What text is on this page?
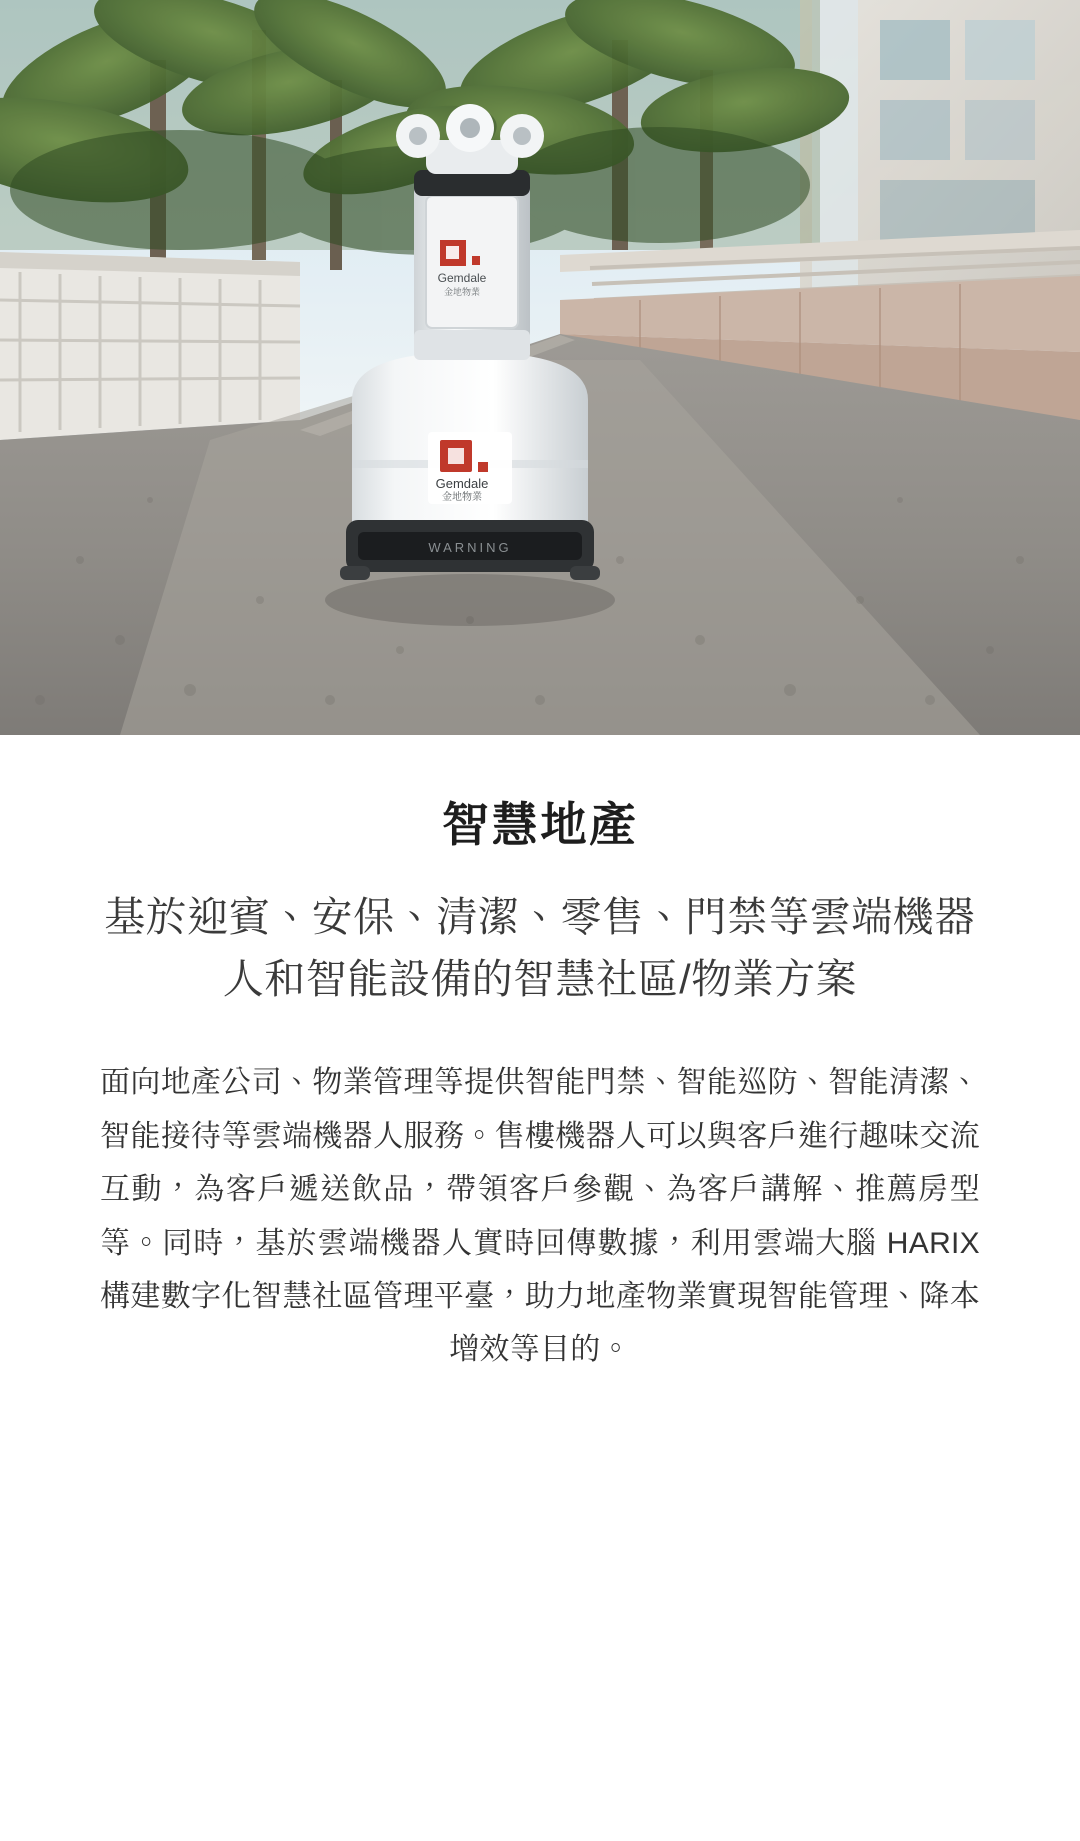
WARNING
Gemdale
金地物業
Gemdale
金地物業
智慧地產
基於迎賓、安保、清潔、零售、門禁等雲端機器人和智能設備的智慧社區/物業方案

面向地產公司、物業管理等提供智能門禁、智能巡防、智能清潔、智能接待等雲端機器人服務。售樓機器人可以與客戶進行趣味交流互動，為客戶遞送飲品，帶領客戶參觀、為客戶講解、推薦房型等。同時，基於雲端機器人實時回傳數據，利用雲端大腦 HARIX 構建數字化智慧社區管理平臺，助力地產物業實現智能管理、降本增效等目的。
